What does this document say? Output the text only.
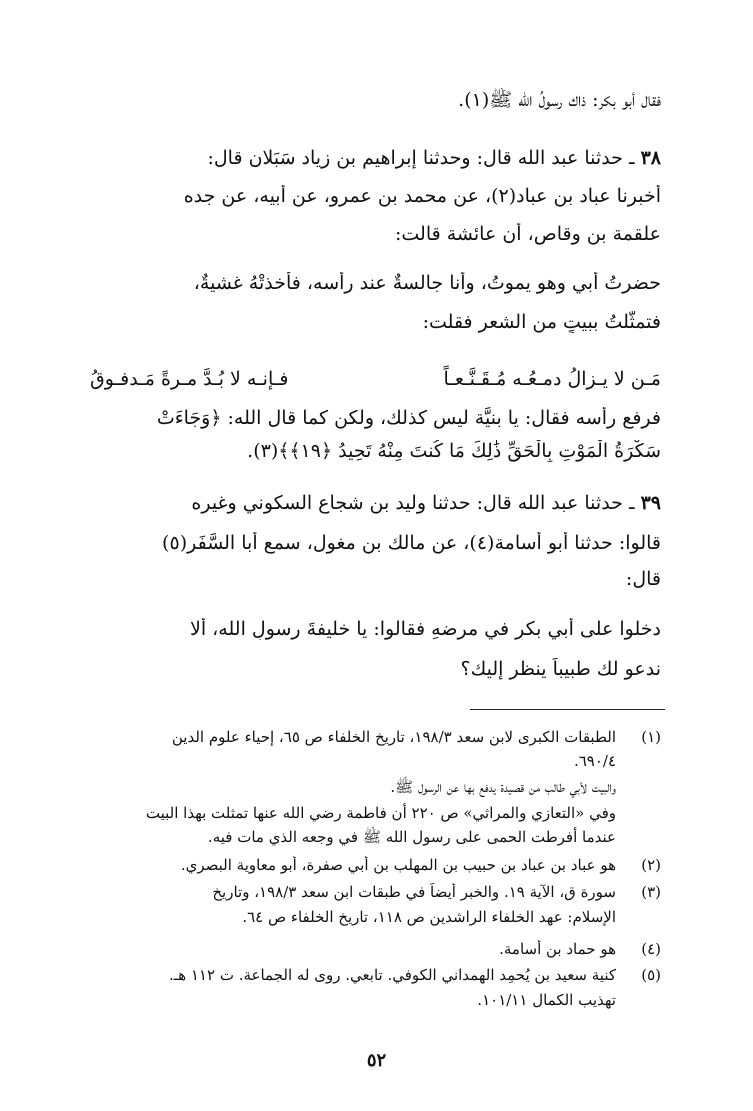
فقال أبو بكر: ذاك رسولُ الله ﷺ(١).
٣٨ ـ حدثنا عبد الله قال: وحدثنا إبراهيم بن زياد سَبَلان قال:
أخبرنا عباد بن عباد(٢)، عن محمد بن عمرو، عن أبيه، عن جده
علقمة بن وقاص، أن عائشة قالت:
حضرتُ أبي وهو يموتُ، وأنا جالسةٌ عند رأسه، فأخذتْهُ غشيةٌ،
فتمثَّلتُ ببيتٍ من الشعر فقلت:
فرفع رأسه فقال: يا بنيَّة ليس كذلك، ولكن كما قال الله: ﴿وَجَاءَتْ
سَكْرَةُ الْمَوْتِ بِالْحَقِّ ذَٰلِكَ مَا كُنتَ مِنْهُ تَحِيدُ ﴿١٩﴾﴾(٣).
٣٩ ـ حدثنا عبد الله قال: حدثنا وليد بن شجاع السكوني وغيره
قالوا: حدثنا أبو أسامة(٤)، عن مالك بن مغول، سمع أبا السَّفَر(٥)
قال:
دخلوا على أبي بكرٍ في مرضهِ فقالوا: يا خليفةَ رسولِ الله، ألا
ندعو لك طبيباً ينظر إليك؟
مَـن لا يـزالُ دمـعُـه مُـقَـنَّـعـاً
فـإنـه لا بُـدَّ مـرةً مَـدفـوقُ
(١)
الطبقات الكبرى لابن سعد ١٩٨/٣، تاريخ الخلفاء ص ٦٥، إحياء علوم الدين
٦٩٠/٤.
والبيت لأبي طالب من قصيدة يدفع بها عن الرسول ﷺ.
وفي «التعازي والمراثي» ص ٢٢٠ أن فاطمة رضي الله عنها تمثلت بهذا البيت
عندما أفرطت الحمى على رسول الله ﷺ في وجعه الذي مات فيه.
(٢)
هو عباد بن عباد بن حبيب بن المهلب بن أبي صفرة، أبو معاوية البصري.
(٣)
سورة ق، الآية ١٩. والخبر أيضاً في طبقات ابن سعد ١٩٨/٣، وتاريخ
الإسلام: عهد الخلفاء الراشدين ص ١١٨، تاريخ الخلفاء ص ٦٤.
(٤)
هو حماد بن أسامة.
(٥)
كنية سعيد بن يُحمِد الهمداني الكوفي. تابعي. روى له الجماعة. ت ١١٢ هـ.
تهذيب الكمال ١٠١/١١.
٥٢
